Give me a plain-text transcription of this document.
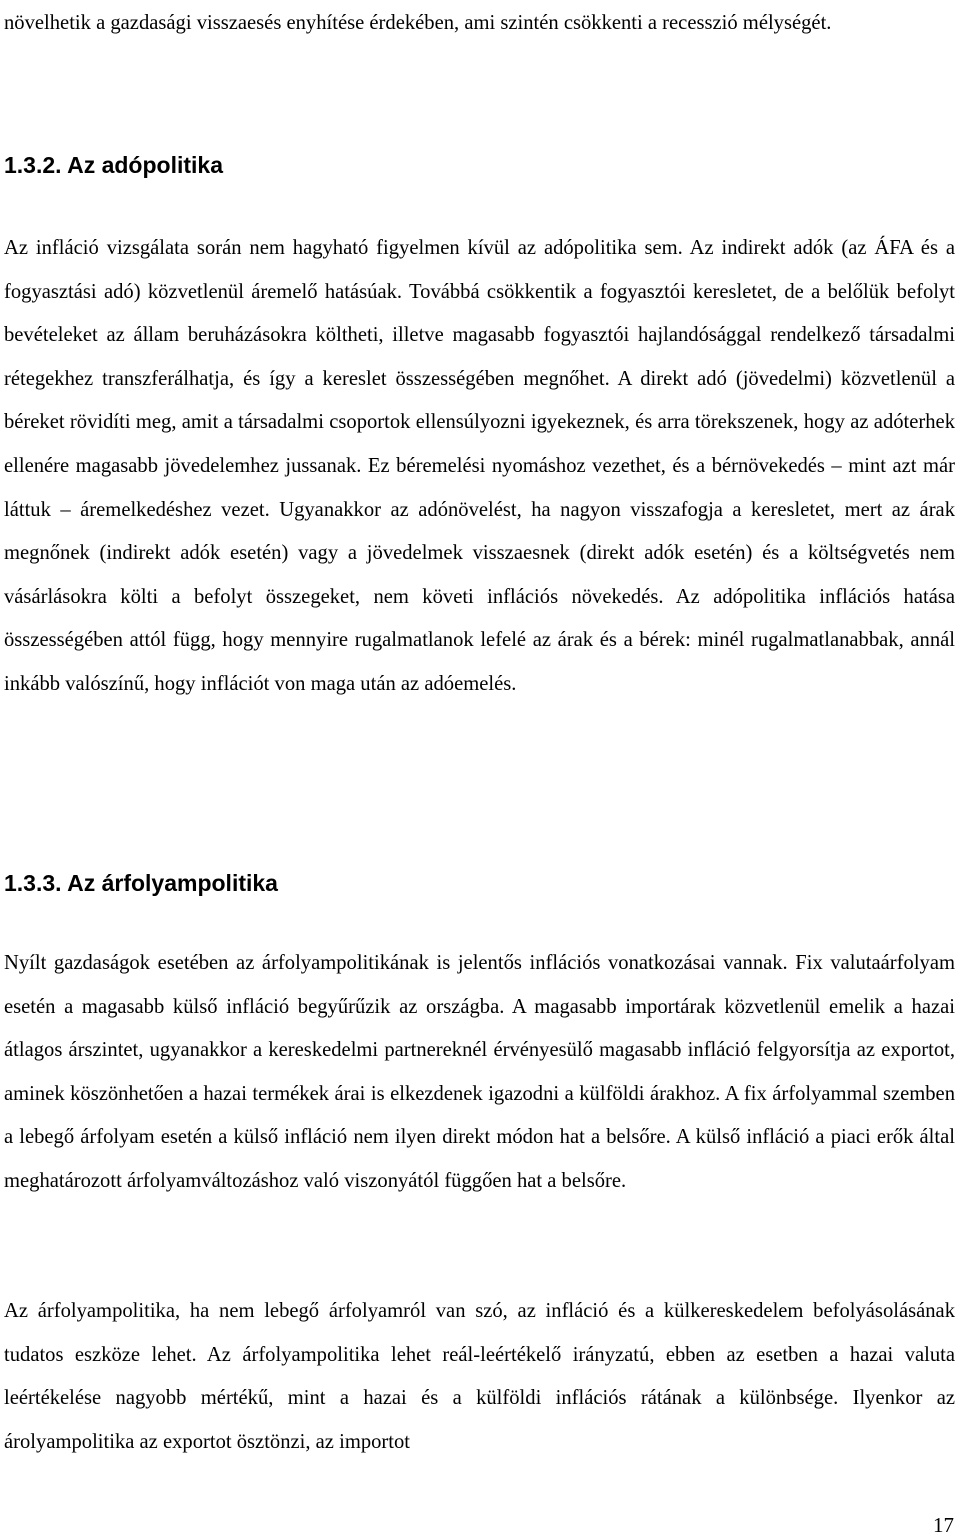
növelhetik a gazdasági visszaesés enyhítése érdekében, ami szintén csökkenti a recesszió mélységét.

1.3.2. Az adópolitika

Az infláció vizsgálata során nem hagyható figyelmen kívül az adópolitika sem. Az indirekt adók (az ÁFA és a fogyasztási adó) közvetlenül áremelő hatásúak. Továbbá csökkentik a fogyasztói keresletet, de a belőlük befolyt bevételeket az állam beruházásokra költheti, illetve magasabb fogyasztói hajlandósággal rendelkező társadalmi rétegekhez transzferálhatja, és így a kereslet összességében megnőhet. A direkt adó (jövedelmi) közvetlenül a béreket rövidíti meg, amit a társadalmi csoportok ellensúlyozni igyekeznek, és arra törekszenek, hogy az adóterhek ellenére magasabb jövedelemhez jussanak. Ez béremelési nyomáshoz vezethet, és a bérnövekedés – mint azt már láttuk – áremelkedéshez vezet. Ugyanakkor az adónövelést, ha nagyon visszafogja a keresletet, mert az árak megnőnek (indirekt adók esetén) vagy a jövedelmek visszaesnek (direkt adók esetén) és a költségvetés nem vásárlásokra költi a befolyt összegeket, nem követi inflációs növekedés. Az adópolitika inflációs hatása összességében attól függ, hogy mennyire rugalmatlanok lefelé az árak és a bérek: minél rugalmatlanabbak, annál inkább valószínű, hogy inflációt von maga után az adóemelés.

1.3.3. Az árfolyampolitika

Nyílt gazdaságok esetében az árfolyampolitikának is jelentős inflációs vonatkozásai vannak. Fix valutaárfolyam esetén a magasabb külső infláció begyűrűzik az országba. A magasabb importárak közvetlenül emelik a hazai átlagos árszintet, ugyanakkor a kereskedelmi partnereknél érvényesülő magasabb infláció felgyorsítja az exportot, aminek köszönhetően a hazai termékek árai is elkezdenek igazodni a külföldi árakhoz. A fix árfolyammal szemben a lebegő árfolyam esetén a külső infláció nem ilyen direkt módon hat a belsőre. A külső infláció a piaci erők által meghatározott árfolyamváltozáshoz való viszonyától függően hat a belsőre.

Az árfolyampolitika, ha nem lebegő árfolyamról van szó, az infláció és a külkereskedelem befolyásolásának tudatos eszköze lehet. Az árfolyampolitika lehet reál-leértékelő irányzatú, ebben az esetben a hazai valuta leértékelése nagyobb mértékű, mint a hazai és a külföldi inflációs rátának a különbsége. Ilyenkor az árolyampolitika az exportot ösztönzi, az importot

17
